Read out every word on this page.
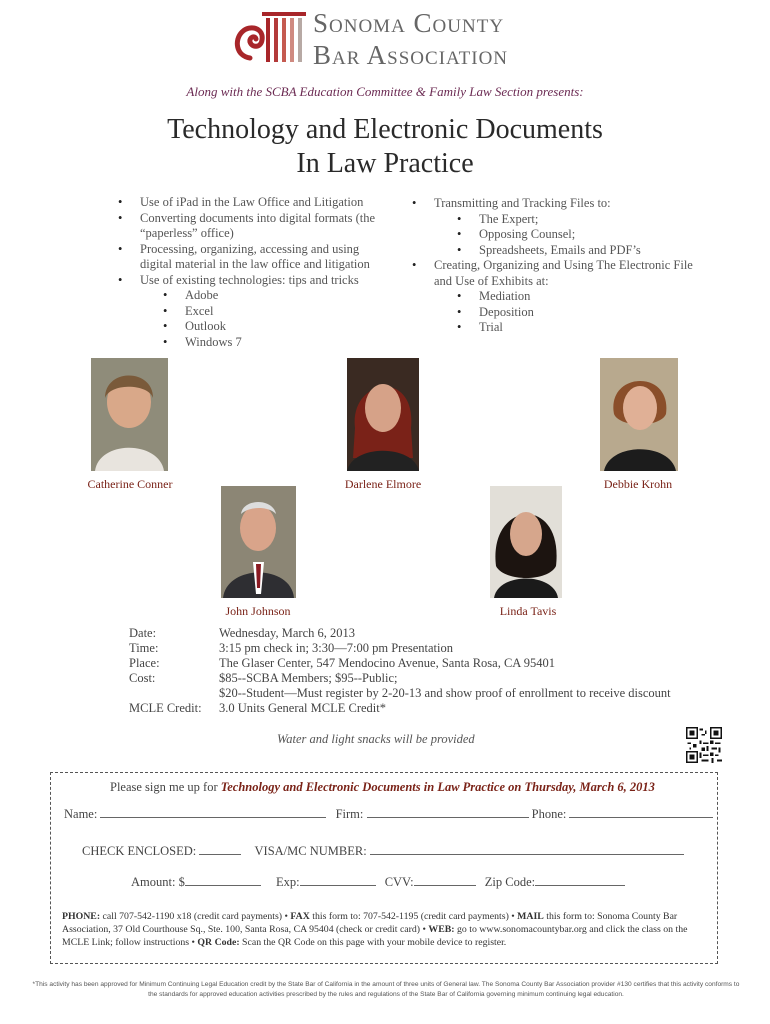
Sonoma County
Bar Association
Along with the SCBA Education Committee & Family Law Section presents:
Technology and Electronic Documents
In Law Practice
• Use of iPad in the Law Office and Litigation
• Converting documents into digital formats (the “paperless” office)
• Processing, organizing, accessing and using digital material in the law office and litigation
• Use of existing technologies: tips and tricks
• Adobe
• Excel
• Outlook
• Windows 7
• Transmitting and Tracking Files to:
• The Expert;
• Opposing Counsel;
• Spreadsheets, Emails and PDF’s
• Creating, Organizing and Using The Electronic File and Use of Exhibits at:
• Mediation
• Deposition
• Trial
Catherine Conner	Darlene Elmore	Debbie Krohn
John Johnson	Linda Tavis
Date:	Wednesday, March 6, 2013
Time:	3:15 pm check in; 3:30—7:00 pm Presentation
Place:	The Glaser Center, 547 Mendocino Avenue, Santa Rosa, CA 95401
Cost:	$85--SCBA Members; $95--Public;
$20--Student—Must register by 2-20-13 and show proof of enrollment to receive discount
MCLE Credit: 3.0 Units General MCLE Credit*
Water and light snacks will be provided
Please sign me up for Technology and Electronic Documents in Law Practice on Thursday, March 6, 2013
Name:	Firm:	Phone:
CHECK ENCLOSED:	VISA/MC NUMBER:
Amount: $	Exp:	CVV:	Zip Code:
PHONE: call 707-542-1190 x18 (credit card payments) • FAX this form to: 707-542-1195 (credit card payments) • MAIL this form to: Sonoma County Bar Association, 37 Old Courthouse Sq., Ste. 100, Santa Rosa, CA 95404 (check or credit card) • WEB: go to www.sonomacountybar.org and click the class on the MCLE Link; follow instructions • QR Code: Scan the QR Code on this page with your mobile device to register.
*This activity has been approved for Minimum Continuing Legal Education credit by the State Bar of California in the amount of three units of General law. The Sonoma County Bar Association provider #130 certifies that this activity conforms to the standards for approved education activities prescribed by the rules and regulations of the State Bar of California governing minimum continuing legal education.
